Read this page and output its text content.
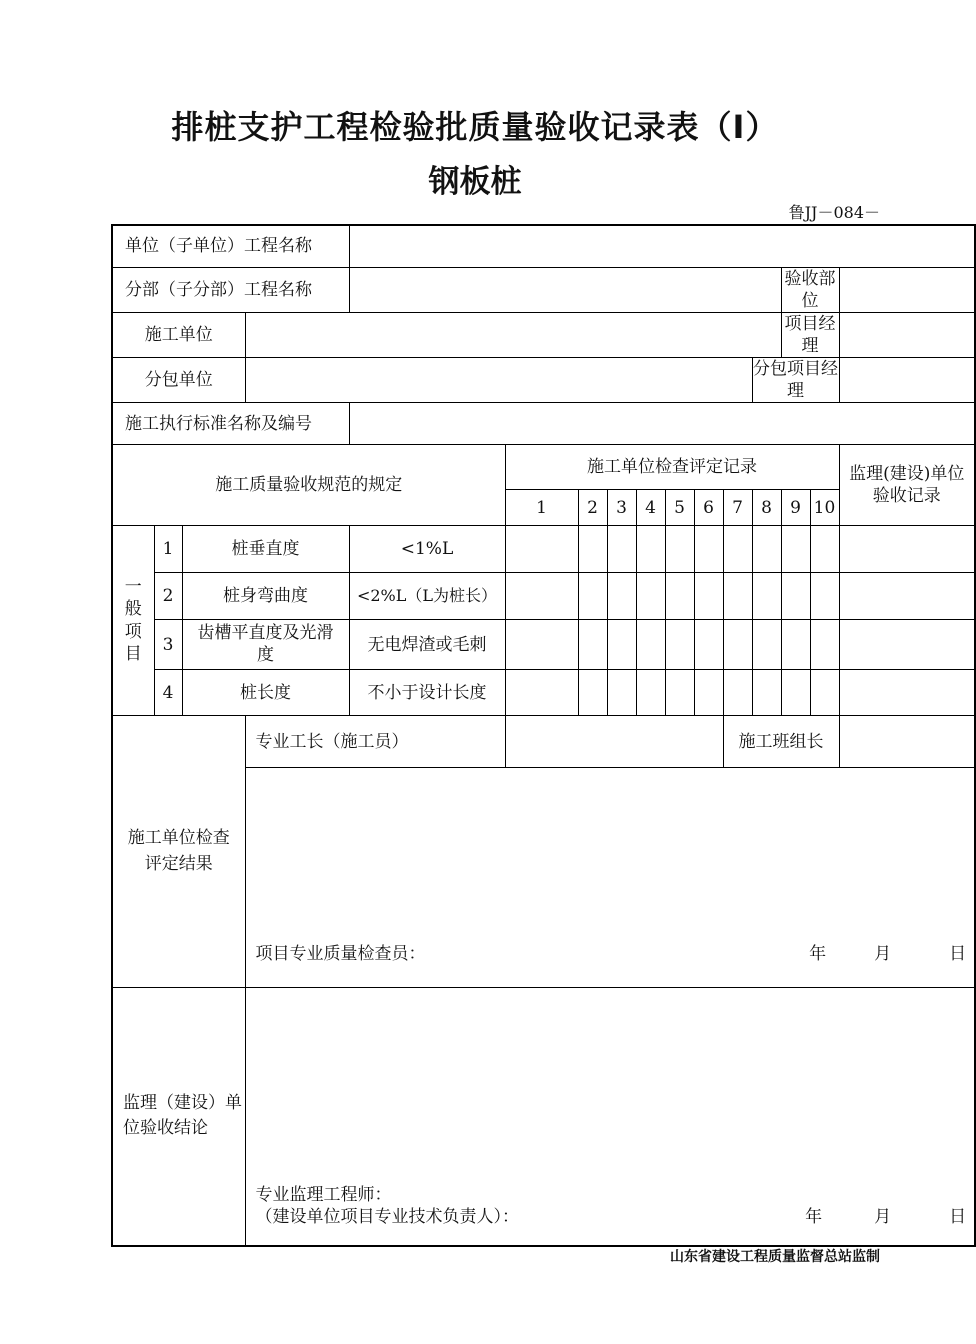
排桩支护工程检验批质量验收记录表（Ⅰ）
钢板桩
鲁JJ－084－
单位（子单位）工程名称															
分部（子分部）工程名称													验收部位		
施工单位													项目经理		
分包单位												分包项目经理			
施工执行标准名称及编号															
施工质量验收规范的规定					施工单位检查评定记录										监理(建设)单位验收记录
					1	2	3	4	5	6	7	8	9	10	
一般项目	1	桩垂直度		<1%L											
	2	桩身弯曲度		<2%L（L为桩长）											
	3	齿槽平直度及光滑度		无电焊渣或毛刺											
	4	桩长度		不小于设计长度											
施工单位检查评定结果			专业工长（施工员）								施工班组长				

			项目专业质量检查员： 年 月 日												

监理（建设）单位验收结论			专业监理工程师：
（建设单位项目专业技术负责人）： 年 月 日												
山东省建设工程质量监督总站监制
